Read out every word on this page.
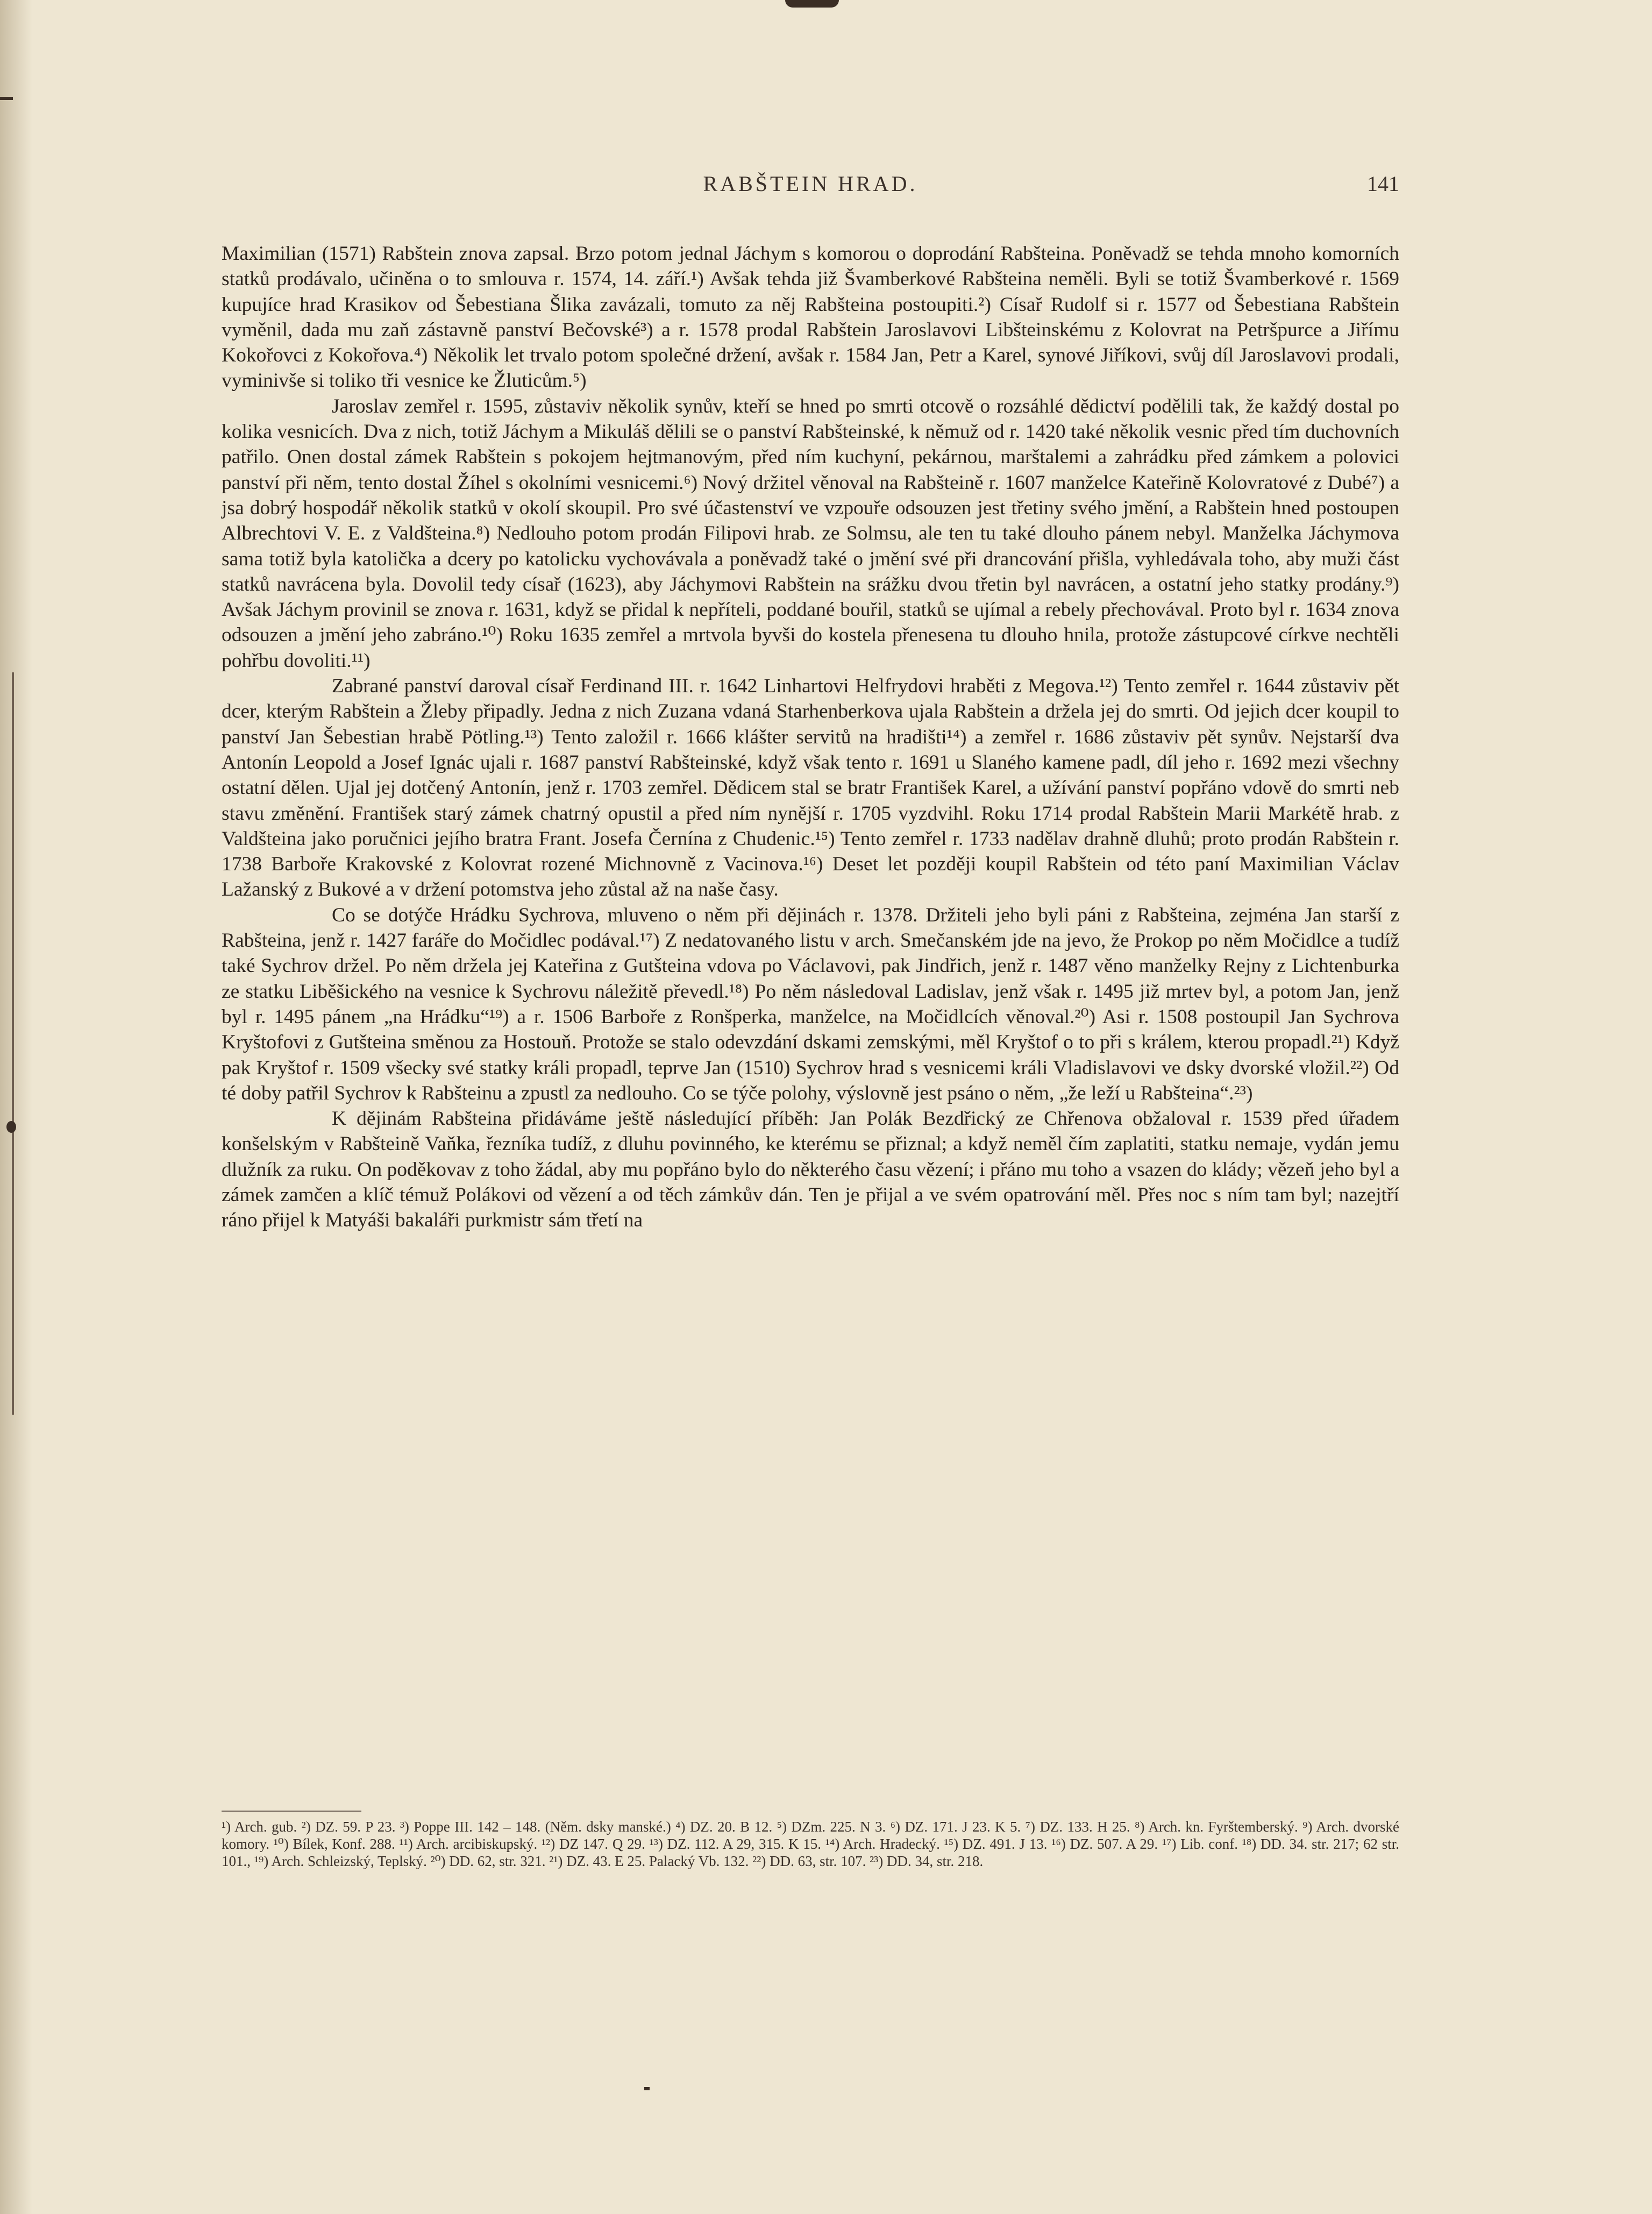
RABŠTEIN HRAD.	141

Maximilian (1571) Rabštein znova zapsal. Brzo potom jednal Jáchym s komorou o doprodání Rabšteina. Poněvadž se tehda mnoho komorních statků prodávalo, učiněna o to smlouva r. 1574, 14. září.¹) Avšak tehda již Švamberkové Rabšteina neměli. Byli se totiž Švamberkové r. 1569 kupujíce hrad Krasikov od Šebestiana Šlika zavázali, tomuto za něj Rabšteina postoupiti.²) Císař Rudolf si r. 1577 od Šebestiana Rabštein vyměnil, dada mu zaň zástavně panství Bečovské³) a r. 1578 prodal Rabštein Jaroslavovi Libšteinskému z Kolovrat na Petršpurce a Jiřímu Kokořovci z Kokořova.⁴) Několik let trvalo potom společné držení, avšak r. 1584 Jan, Petr a Karel, synové Jiříkovi, svůj díl Jaroslavovi prodali, vyminivše si toliko tři vesnice ke Žluticům.⁵)

Jaroslav zemřel r. 1595, zůstaviv několik synův, kteří se hned po smrti otcově o rozsáhlé dědictví podělili tak, že každý dostal po kolika vesnicích. Dva z nich, totiž Jáchym a Mikuláš dělili se o panství Rabšteinské, k němuž od r. 1420 také několik vesnic před tím duchovních patřilo. Onen dostal zámek Rabštein s pokojem hejtmanovým, před ním kuchyní, pekárnou, marštalemi a zahrádku před zámkem a polovici panství při něm, tento dostal Žíhel s okolními vesnicemi.⁶) Nový držitel věnoval na Rabšteině r. 1607 manželce Kateřině Kolovratové z Dubé⁷) a jsa dobrý hospodář několik statků v okolí skoupil. Pro své účastenství ve vzpouře odsouzen jest třetiny svého jmění, a Rabštein hned postoupen Albrechtovi V. E. z Valdšteina.⁸) Nedlouho potom prodán Filipovi hrab. ze Solmsu, ale ten tu také dlouho pánem nebyl. Manželka Jáchymova sama totiž byla katolička a dcery po katolicku vychovávala a poněvadž také o jmění své při drancování přišla, vyhledávala toho, aby muži část statků navrácena byla. Dovolil tedy císař (1623), aby Jáchymovi Rabštein na srážku dvou třetin byl navrácen, a ostatní jeho statky prodány.⁹) Avšak Jáchym provinil se znova r. 1631, když se přidal k nepříteli, poddané bouřil, statků se ujímal a rebely přechovával. Proto byl r. 1634 znova odsouzen a jmění jeho zabráno.¹⁰) Roku 1635 zemřel a mrtvola byvši do kostela přenesena tu dlouho hnila, protože zástupcové církve nechtěli pohřbu dovoliti.¹¹)

Zabrané panství daroval císař Ferdinand III. r. 1642 Linhartovi Helfrydovi hraběti z Megova.¹²) Tento zemřel r. 1644 zůstaviv pět dcer, kterým Rabštein a Žleby připadly. Jedna z nich Zuzana vdaná Starhenberkova ujala Rabštein a držela jej do smrti. Od jejich dcer koupil to panství Jan Šebestian hrabě Pötling.¹³) Tento založil r. 1666 klášter servitů na hradišti¹⁴) a zemřel r. 1686 zůstaviv pět synův. Nejstarší dva Antonín Leopold a Josef Ignác ujali r. 1687 panství Rabšteinské, když však tento r. 1691 u Slaného kamene padl, díl jeho r. 1692 mezi všechny ostatní dělen. Ujal jej dotčený Antonín, jenž r. 1703 zemřel. Dědicem stal se bratr František Karel, a užívání panství popřáno vdově do smrti neb stavu změnění. František starý zámek chatrný opustil a před ním nynější r. 1705 vyzdvihl. Roku 1714 prodal Rabštein Marii Markétě hrab. z Valdšteina jako poručnici jejího bratra Frant. Josefa Černína z Chudenic.¹⁵) Tento zemřel r. 1733 nadělav drahně dluhů; proto prodán Rabštein r. 1738 Barboře Krakovské z Kolovrat rozené Michnovně z Vacinova.¹⁶) Deset let později koupil Rabštein od této paní Maximilian Václav Lažanský z Bukové a v držení potomstva jeho zůstal až na naše časy.

Co se dotýče Hrádku Sychrova, mluveno o něm při dějinách r. 1378. Držiteli jeho byli páni z Rabšteina, zejména Jan starší z Rabšteina, jenž r. 1427 faráře do Močidlec podával.¹⁷) Z nedatovaného listu v arch. Smečanském jde na jevo, že Prokop po něm Močidlce a tudíž také Sychrov držel. Po něm držela jej Kateřina z Gutšteina vdova po Václavovi, pak Jindřich, jenž r. 1487 věno manželky Rejny z Lichtenburka ze statku Liběšického na vesnice k Sychrovu náležitě převedl.¹⁸) Po něm následoval Ladislav, jenž však r. 1495 již mrtev byl, a potom Jan, jenž byl r. 1495 pánem „na Hrádku“¹⁹) a r. 1506 Barboře z Ronšperka, manželce, na Močidlcích věnoval.²⁰) Asi r. 1508 postoupil Jan Sychrova Kryštofovi z Gutšteina směnou za Hostouň. Protože se stalo odevzdání dskami zemskými, měl Kryštof o to při s králem, kterou propadl.²¹) Když pak Kryštof r. 1509 všecky své statky králi propadl, teprve Jan (1510) Sychrov hrad s vesnicemi králi Vladislavovi ve dsky dvorské vložil.²²) Od té doby patřil Sychrov k Rabšteinu a zpustl za nedlouho. Co se týče polohy, výslovně jest psáno o něm, „že leží u Rabšteina“.²³)

K dějinám Rabšteina přidáváme ještě následující příběh: Jan Polák Bezdřický ze Chřenova obžaloval r. 1539 před úřadem konšelským v Rabšteině Vaňka, řezníka tudíž, z dluhu povinného, ke kterému se přiznal; a když neměl čím zaplatiti, statku nemaje, vydán jemu dlužník za ruku. On poděkovav z toho žádal, aby mu popřáno bylo do některého času vězení; i přáno mu toho a vsazen do klády; vězeň jeho byl a zámek zamčen a klíč témuž Polákovi od vězení a od těch zámkův dán. Ten je přijal a ve svém opatrování měl. Přes noc s ním tam byl; nazejtří ráno přijel k Matyáši bakaláři purkmistr sám třetí na

¹) Arch. gub. ²) DZ. 59. P 23. ³) Poppe III. 142 – 148. (Něm. dsky manské.) ⁴) DZ. 20. B 12. ⁵) DZm. 225. N 3. ⁶) DZ. 171. J 23. K 5. ⁷) DZ. 133. H 25. ⁸) Arch. kn. Fyrštemberský. ⁹) Arch. dvorské komory. ¹⁰) Bílek, Konf. 288. ¹¹) Arch. arcibiskupský. ¹²) DZ 147. Q 29. ¹³) DZ. 112. A 29, 315. K 15. ¹⁴) Arch. Hradecký. ¹⁵) DZ. 491. J 13. ¹⁶) DZ. 507. A 29. ¹⁷) Lib. conf. ¹⁸) DD. 34. str. 217; 62 str. 101., ¹⁹) Arch. Schleizský, Teplský. ²⁰) DD. 62, str. 321. ²¹) DZ. 43. E 25. Palacký Vb. 132. ²²) DD. 63, str. 107. ²³) DD. 34, str. 218.
